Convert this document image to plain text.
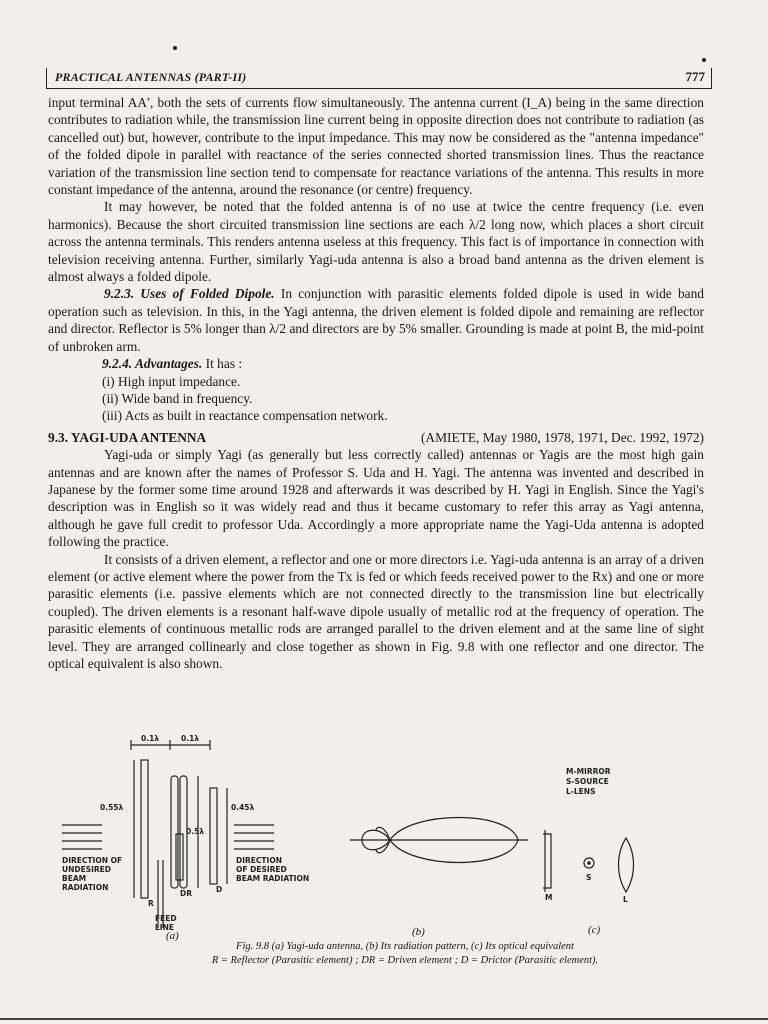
PRACTICAL ANTENNAS (PART-II)	777

input terminal AA′, both the sets of currents flow simultaneously. The antenna current (I_A) being in the same direction contributes to radiation while, the transmission line current being in opposite direction does not contribute to radiation (as cancelled out) but, however, contribute to the input impedance. This may now be considered as the "antenna impedance" of the folded dipole in parallel with reactance of the series connected shorted transmission lines. Thus the reactance variation of the transmission line section tend to compensate for reactance variations of the antenna. This results in more constant impedance of the antenna, around the resonance (or centre) frequency.

It may however, be noted that the folded antenna is of no use at twice the centre frequency (i.e. even harmonics). Because the short circuited transmission line sections are each λ/2 long now, which places a short circuit across the antenna terminals. This renders antenna useless at this frequency. This fact is of importance in connection with television receiving antenna. Further, similarly Yagi-uda antenna is also a broad band antenna as the driven element is almost always a folded dipole.

9.2.3. Uses of Folded Dipole. In conjunction with parasitic elements folded dipole is used in wide band operation such as television. In this, in the Yagi antenna, the driven element is folded dipole and remaining are reflector and director. Reflector is 5% longer than λ/2 and directors are by 5% smaller. Grounding is made at point B, the mid-point of unbroken arm.

9.2.4. Advantages. It has :

(i) High input impedance.

(ii) Wide band in frequency.

(iii) Acts as built in reactance compensation network.

9.3. YAGI-UDA ANTENNA	(AMIETE, May 1980, 1978, 1971, Dec. 1992, 1972)

Yagi-uda or simply Yagi (as generally but less correctly called) antennas or Yagis are the most high gain antennas and are known after the names of Professor S. Uda and H. Yagi. The antenna was invented and described in Japanese by the former some time around 1928 and afterwards it was described by H. Yagi in English. Since the Yagi's description was in English so it was widely read and thus it became customary to refer this array as Yagi antenna, although he gave full credit to professor Uda. Accordingly a more appropriate name the Yagi-Uda antenna is adopted following the practice.

It consists of a driven element, a reflector and one or more directors i.e. Yagi-uda antenna is an array of a driven element (or active element where the power from the Tx is fed or which feeds received power to the Rx) and one or more parasitic elements (i.e. passive elements which are not connected directly to the transmission line but electrically coupled). The driven elements is a resonant half-wave dipole usually of metallic rod at the frequency of operation. The parasitic elements of continuous metallic rods are arranged parallel to the driven element and at the same line of sight level. They are arranged collinearly and close together as shown in Fig. 9.8 with one reflector and one director. The optical equivalent is also shown.

0.1λ	0.1λ
0.55λ
0.5λ
0.45λ
DIRECTION OF
UNDESIRED
BEAM
RADIATION
DIRECTION
OF DESIRED
BEAM RADIATION
R
DR	D
FEED
LINE
M-MIRROR
S-SOURCE
L-LENS
S
M	L
(a)	(b)	(c)
Fig. 9.8 (a) Yagi-uda antenna, (b) Its radiation pattern, (c) Its optical equivalent
R = Reflector (Parasitic element) ; DR = Driven element ; D = Drictor (Parasitic element).
